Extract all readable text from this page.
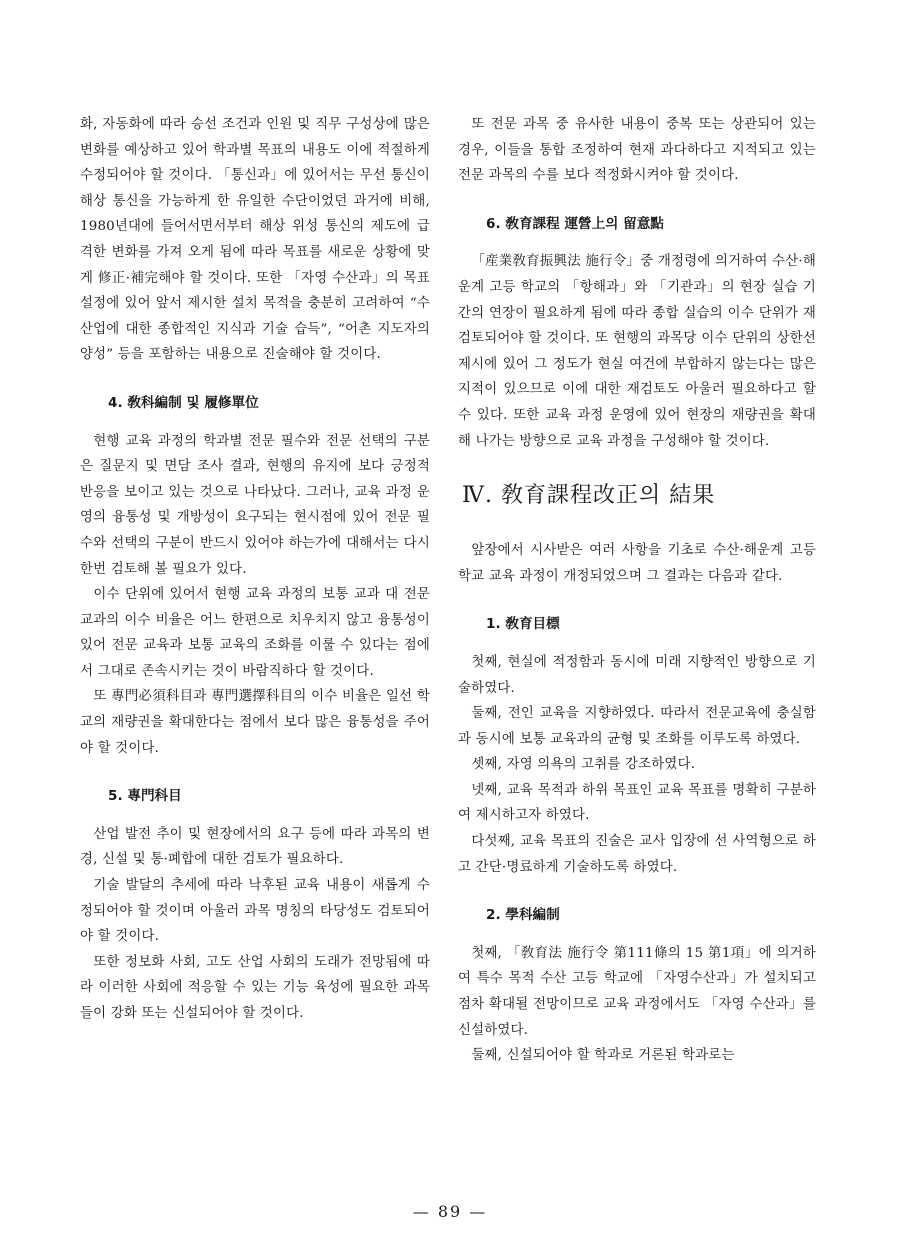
화, 자동화에 따라 승선 조건과 인원 및 직무 구성상에 많은 변화를 예상하고 있어 학과별 목표의 내용도 이에 적절하게 수정되어야 할 것이다. 「통신과」에 있어서는 무선 통신이 해상 통신을 가능하게 한 유일한 수단이었던 과거에 비해, 1980년대에 들어서면서부터 해상 위성 통신의 제도에 급격한 변화를 가져 오게 됨에 따라 목표를 새로운 상황에 맞게 修正·補完해야 할 것이다. 또한 「자영 수산과」의 목표 설정에 있어 앞서 제시한 설치 목적을 충분히 고려하여 “수산업에 대한 종합적인 지식과 기술 습득”, “어촌 지도자의 양성” 등을 포함하는 내용으로 진술해야 할 것이다.

4. 敎科編制 및 履修單位

현행 교육 과정의 학과별 전문 필수와 전문 선택의 구분은 질문지 및 면담 조사 결과, 현행의 유지에 보다 긍정적 반응을 보이고 있는 것으로 나타났다. 그러나, 교육 과정 운영의 융통성 및 개방성이 요구되는 현시점에 있어 전문 필수와 선택의 구분이 반드시 있어야 하는가에 대해서는 다시 한번 검토해 볼 필요가 있다.

이수 단위에 있어서 현행 교육 과정의 보통 교과 대 전문 교과의 이수 비율은 어느 한편으로 치우치지 않고 융통성이 있어 전문 교육과 보통 교육의 조화를 이룰 수 있다는 점에서 그대로 존속시키는 것이 바람직하다 할 것이다.

또 專門必須科目과 專門選擇科目의 이수 비율은 일선 학교의 재량권을 확대한다는 점에서 보다 많은 융통성을 주어야 할 것이다.

5. 專門科目

산업 발전 추이 및 현장에서의 요구 등에 따라 과목의 변경, 신설 및 통·폐합에 대한 검토가 필요하다.

기술 발달의 추세에 따라 낙후된 교육 내용이 새롭게 수정되어야 할 것이며 아울러 과목 명칭의 타당성도 검토되어야 할 것이다.

또한 정보화 사회, 고도 산업 사회의 도래가 전망됨에 따라 이러한 사회에 적응할 수 있는 기능 육성에 필요한 과목들이 강화 또는 신설되어야 할 것이다.

또 전문 과목 중 유사한 내용이 중복 또는 상관되어 있는 경우, 이들을 통합 조정하여 현재 과다하다고 지적되고 있는 전문 과목의 수를 보다 적정화시켜야 할 것이다.

6. 敎育課程 運營上의 留意點

「産業敎育振興法 施行令」중 개정령에 의거하여 수산·해운계 고등 학교의 「항해과」와 「기관과」의 현장 실습 기간의 연장이 필요하게 됨에 따라 종합 실습의 이수 단위가 재검토되어야 할 것이다. 또 현행의 과목당 이수 단위의 상한선 제시에 있어 그 정도가 현실 여건에 부합하지 않는다는 많은 지적이 있으므로 이에 대한 재검토도 아울러 필요하다고 할 수 있다. 또한 교육 과정 운영에 있어 현장의 재량권을 확대해 나가는 방향으로 교육 과정을 구성해야 할 것이다.

Ⅳ. 敎育課程改正의 結果

앞장에서 시사받은 여러 사항을 기초로 수산·해운계 고등 학교 교육 과정이 개정되었으며 그 결과는 다음과 같다.

1. 敎育目標

첫째, 현실에 적정함과 동시에 미래 지향적인 방향으로 기술하였다.

둘째, 전인 교육을 지향하였다. 따라서 전문교육에 충실함과 동시에 보통 교육과의 균형 및 조화를 이루도록 하였다.

셋째, 자영 의욕의 고취를 강조하였다.

넷째, 교육 목적과 하위 목표인 교육 목표를 명확히 구분하여 제시하고자 하였다.

다섯째, 교육 목표의 진술은 교사 입장에 선 사역형으로 하고 간단·명료하게 기술하도록 하였다.

2. 學科編制

첫째, 「敎育法 施行令 第111條의 15 第1項」에 의거하여 특수 목적 수산 고등 학교에 「자영수산과」가 설치되고 점차 확대될 전망이므로 교육 과정에서도 「자영 수산과」를 신설하였다.

둘째, 신설되어야 할 학과로 거론된 학과로는

— 89 —
